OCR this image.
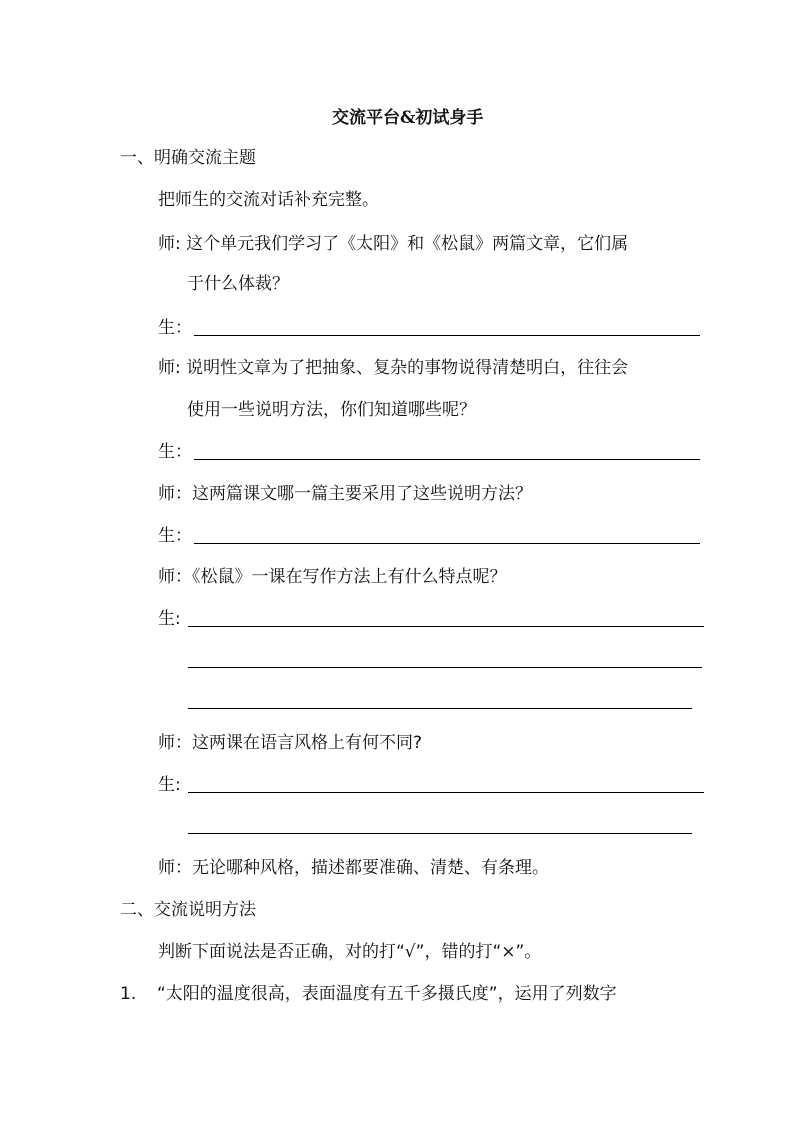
交流平台&初试身手
一、明确交流主题
把师生的交流对话补充完整。
师: 这个单元我们学习了《太阳》和《松鼠》两篇文章，它们属
于什么体裁？
生：
师: 说明性文章为了把抽象、复杂的事物说得清楚明白，往往会
使用一些说明方法，你们知道哪些呢？
生：
师：这两篇课文哪一篇主要采用了这些说明方法？
生：
师：《松鼠》一课在写作方法上有什么特点呢？
生:
师：这两课在语言风格上有何不同?
生:
师：无论哪种风格，描述都要准确、清楚、有条理。
二、交流说明方法
判断下面说法是否正确，对的打“√”，错的打“×”。
1. “太阳的温度很高，表面温度有五千多摄氏度”，运用了列数字
